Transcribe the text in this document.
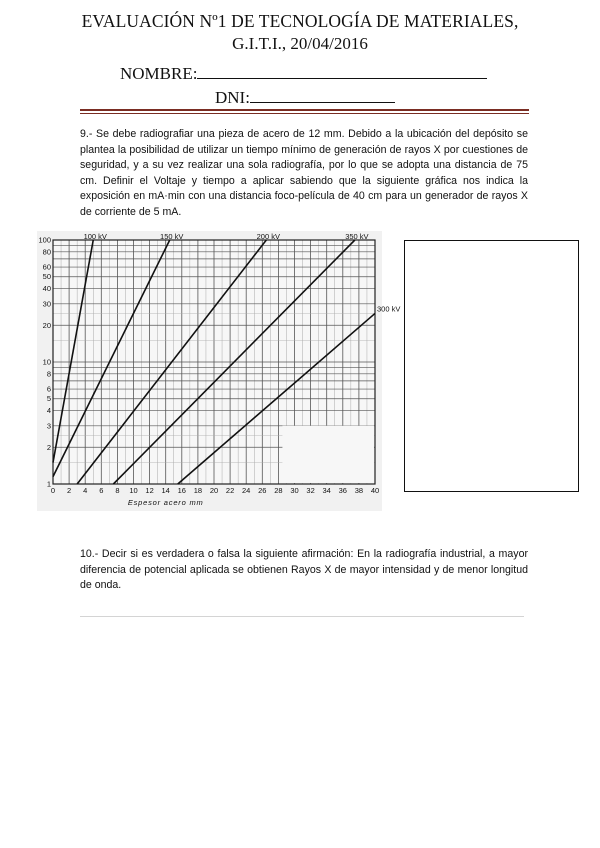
EVALUACIÓN Nº1 DE TECNOLOGÍA DE MATERIALES,
G.I.T.I., 20/04/2016
NOMBRE:
DNI:
9.- Se debe radiografiar una pieza de acero de 12 mm. Debido a la ubicación del depósito se plantea la posibilidad de utilizar un tiempo mínimo de generación de rayos X por cuestiones de seguridad, y a su vez realizar una sola radiografía, por lo que se adopta una distancia de 75 cm. Definir el Voltaje y tiempo a aplicar sabiendo que la siguiente gráfica nos indica la exposición en mA·min con una distancia foco-película de 40 cm para un generador de rayos X de corriente de 5 mA.
100 kV	150 kV	200 kV	350 kV
300 kV
1
2
3
4
5
6
8
10
20
30
40
50
60
80
100
0 2 4 6 8 10 12 14 16 18 20 22 24 26 28 30 32 34 36 38 40
Espesor acero mm
10.- Decir si es verdadera o falsa la siguiente afirmación: En la radiografía industrial, a mayor diferencia de potencial aplicada se obtienen Rayos X de mayor intensidad y de menor longitud de onda.
